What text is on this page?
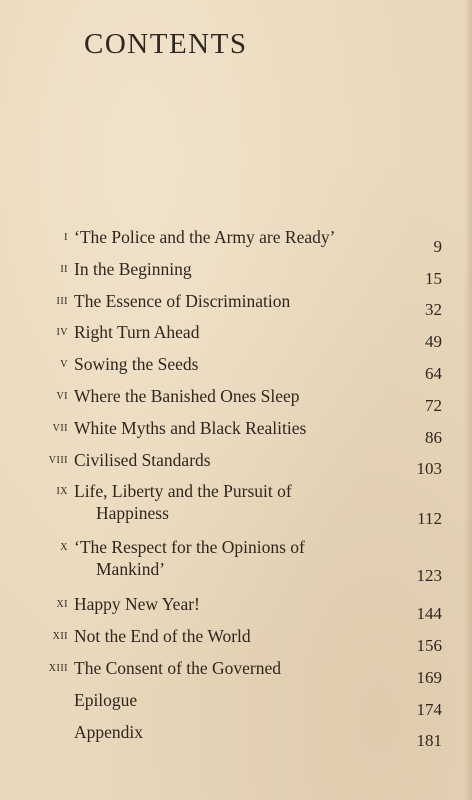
CONTENTS
i ‘The Police and the Army are Ready’	9
ii In the Beginning	15
iii The Essence of Discrimination	32
iv Right Turn Ahead	49
v Sowing the Seeds	64
vi Where the Banished Ones Sleep	72
vii White Myths and Black Realities	86
viii Civilised Standards	103
ix Life, Liberty and the Pursuit of
Happiness	112
x ‘The Respect for the Opinions of
Mankind’	123
xi Happy New Year!	144
xii Not the End of the World	156
xiii The Consent of the Governed	169
Epilogue	174
Appendix	181
